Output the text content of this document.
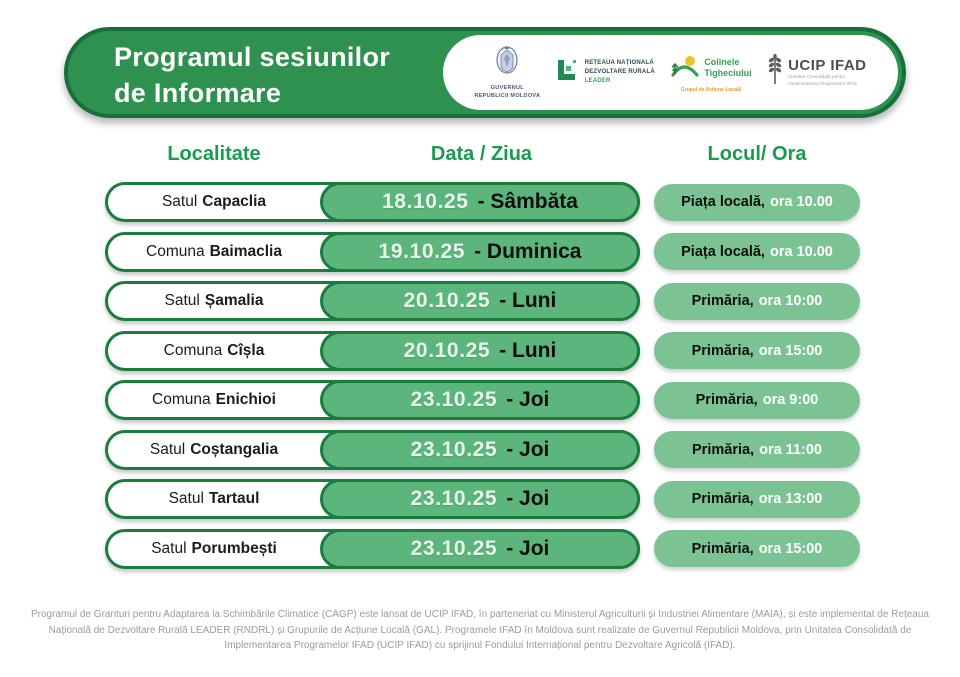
Programul sesiunilor
de Informare	GUVERNUL
REPUBLICII MOLDOVA
REȚEAUA NAȚIONALĂ
DEZVOLTARE RURALĂ
LEADER
Colinele
Tigheciului
Grupul de Acțiune Locală
UCIP IFAD
Unitatea Consolidată pentru
Implementarea Programelor IFAD
Localitate	Data / Ziua	Locul/ Ora
Satul Capaclia	18.10.25 - Sâmbăta	Piața locală, ora 10.00
Comuna Baimaclia	19.10.25 - Duminica	Piața locală, ora 10.00
Satul Șamalia	20.10.25 - Luni	Primăria, ora 10:00
Comuna Cîșla	20.10.25 - Luni	Primăria, ora 15:00
Comuna Enichioi	23.10.25 - Joi	Primăria, ora 9:00
Satul Coștangalia	23.10.25 - Joi	Primăria, ora 11:00
Satul Tartaul	23.10.25 - Joi	Primăria, ora 13:00
Satul Porumbești	23.10.25 - Joi	Primăria, ora 15:00
Programul de Granturi pentru Adaptarea la Schimbările Climatice (CAGP) este lansat de UCIP IFAD, în parteneriat cu Ministerul Agriculturii și Industriei Alimentare (MAIA), și este implementat de Rețeaua Națională de Dezvoltare Rurală LEADER (RNDRL) și Grupurile de Acțiune Locală (GAL). Programele IFAD în Moldova sunt realizate de Guvernul Republicii Moldova, prin Unitatea Consolidată de Implementarea Programelor IFAD (UCIP IFAD) cu sprijinul Fondului Internațional pentru Dezvoltare Agricolă (IFAD).
